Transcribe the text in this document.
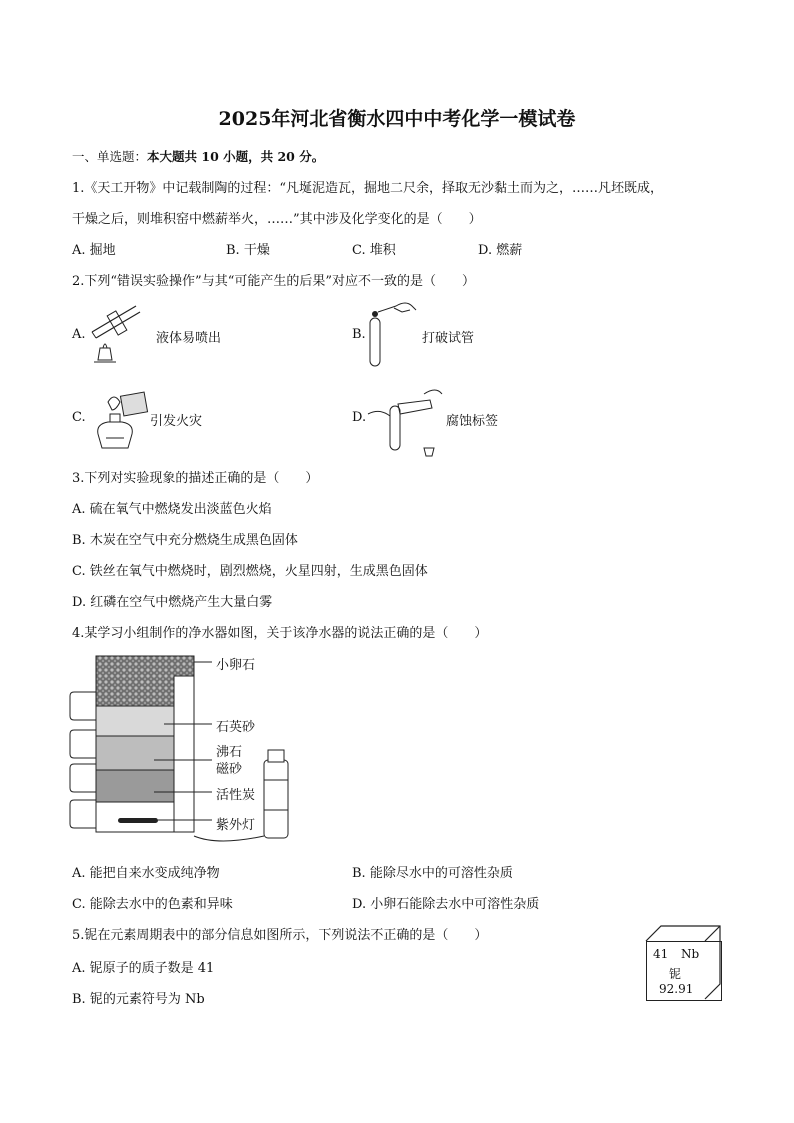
2025年河北省衡水四中中考化学一模试卷
一、单选题：本大题共 10 小题，共 20 分。
1.《天工开物》中记载制陶的过程：“凡埏泥造瓦，掘地二尺余，择取无沙黏土而为之，……凡坯既成，
干燥之后，则堆积窑中燃薪举火，……”其中涉及化学变化的是（　　）
A. 掘地	B. 干燥	C. 堆积	D. 燃薪
2.下列“错误实验操作”与其“可能产生的后果”对应不一致的是（　　）
A.	液体易喷出	B.	打破试管
C.	引发火灾	D.	腐蚀标签
3.下列对实验现象的描述正确的是（　　）
A. 硫在氧气中燃烧发出淡蓝色火焰
B. 木炭在空气中充分燃烧生成黑色固体
C. 铁丝在氧气中燃烧时，剧烈燃烧，火星四射，生成黑色固体
D. 红磷在空气中燃烧产生大量白雾
4.某学习小组制作的净水器如图，关于该净水器的说法正确的是（　　）
小卵石
石英砂
沸石
磁砂
活性炭
紫外灯
A. 能把自来水变成纯净物	B. 能除尽水中的可溶性杂质
C. 能除去水中的色素和异味	D. 小卵石能除去水中可溶性杂质
5.铌在元素周期表中的部分信息如图所示，下列说法不正确的是（　　）
A. 铌原子的质子数是 41
B. 铌的元素符号为 Nb
41 Nb
铌
92.91
